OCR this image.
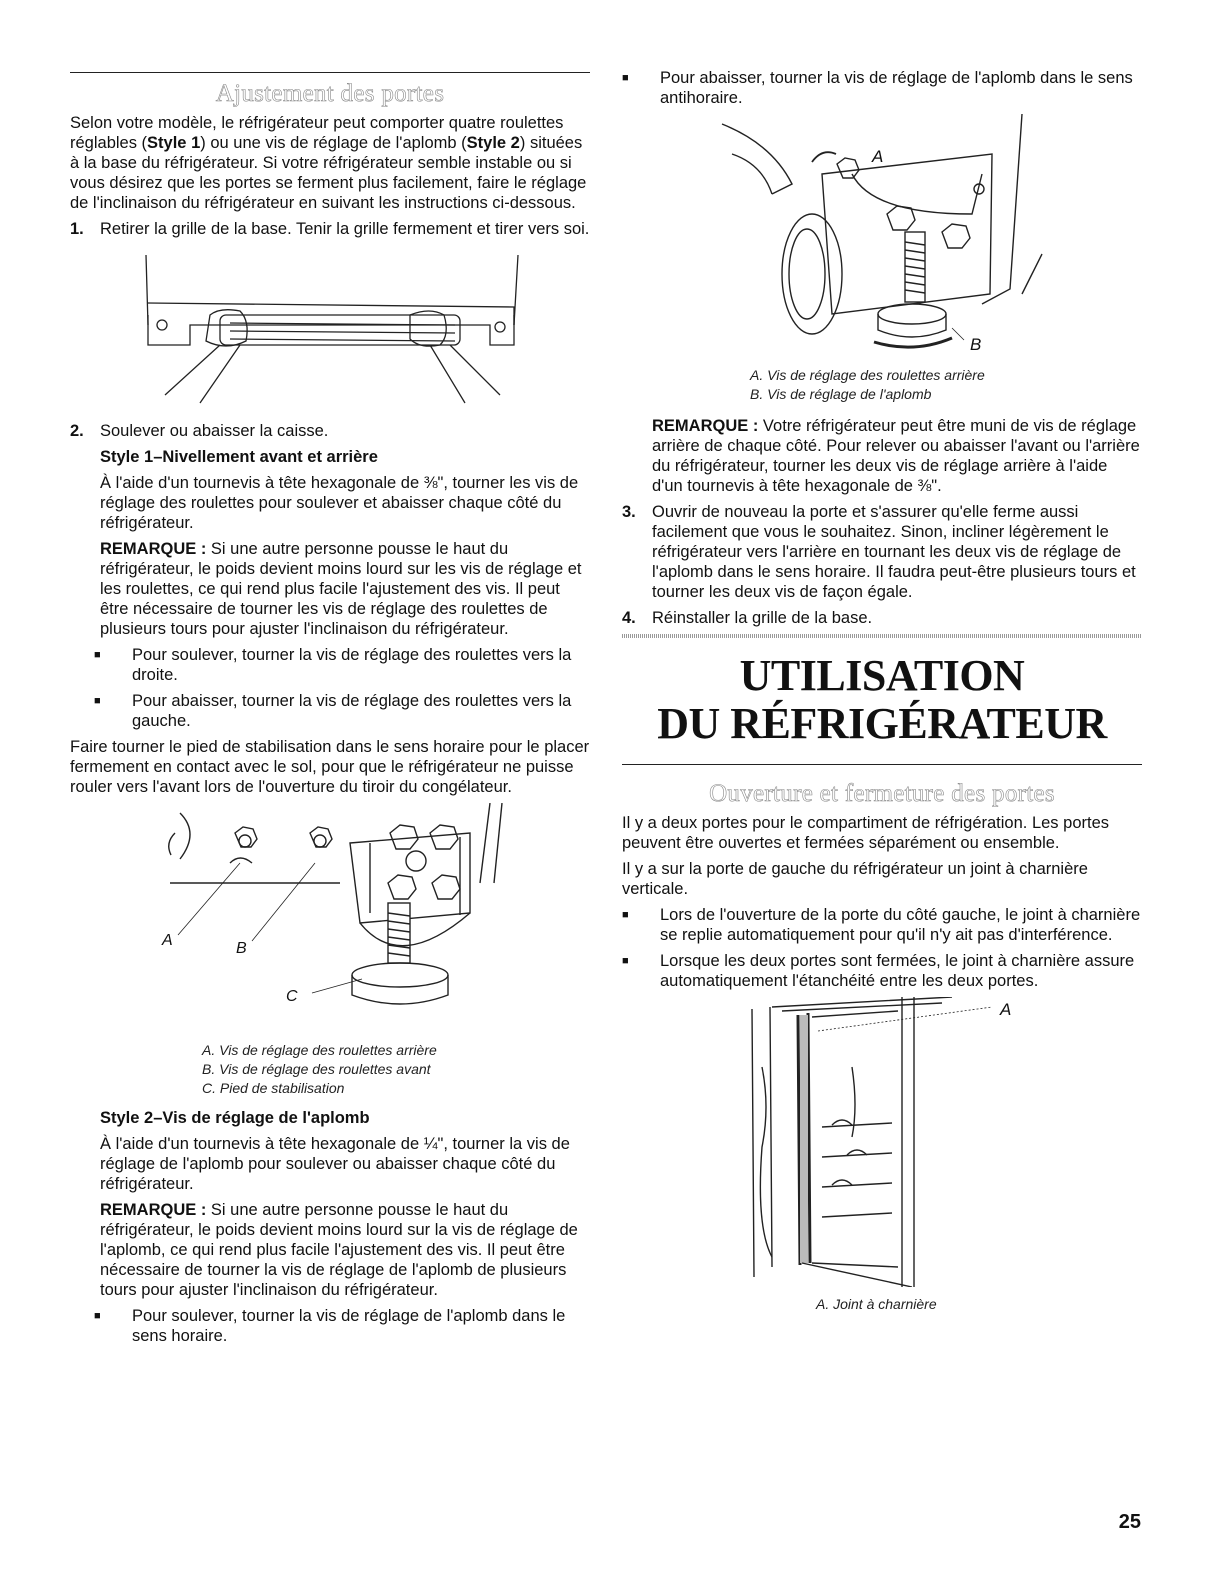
Ajustement des portes

Selon votre modèle, le réfrigérateur peut comporter quatre roulettes réglables (Style 1) ou une vis de réglage de l'aplomb (Style 2) situées à la base du réfrigérateur. Si votre réfrigérateur semble instable ou si vous désirez que les portes se ferment plus facilement, faire le réglage de l'inclinaison du réfrigérateur en suivant les instructions ci-dessous.

1. Retirer la grille de la base. Tenir la grille fermement et tirer vers soi.
2. Soulever ou abaisser la caisse.
Style 1–Nivellement avant et arrière

À l'aide d'un tournevis à tête hexagonale de ⅜", tourner les vis de réglage des roulettes pour soulever et abaisser chaque côté du réfrigérateur.

REMARQUE : Si une autre personne pousse le haut du réfrigérateur, le poids devient moins lourd sur les vis de réglage et les roulettes, ce qui rend plus facile l'ajustement des vis. Il peut être nécessaire de tourner les vis de réglage des roulettes de plusieurs tours pour ajuster l'inclinaison du réfrigérateur.

■	Pour soulever, tourner la vis de réglage des roulettes vers la droite.
■	Pour abaisser, tourner la vis de réglage des roulettes vers la gauche.

Faire tourner le pied de stabilisation dans le sens horaire pour le placer fermement en contact avec le sol, pour que le réfrigérateur ne puisse rouler vers l'avant lors de l'ouverture du tiroir du congélateur.

A	B
C
A. Vis de réglage des roulettes arrière
B. Vis de réglage des roulettes avant
C. Pied de stabilisation
Style 2–Vis de réglage de l'aplomb

À l'aide d'un tournevis à tête hexagonale de ¼", tourner la vis de réglage de l'aplomb pour soulever ou abaisser chaque côté du réfrigérateur.

REMARQUE : Si une autre personne pousse le haut du réfrigérateur, le poids devient moins lourd sur la vis de réglage de l'aplomb, ce qui rend plus facile l'ajustement des vis. Il peut être nécessaire de tourner la vis de réglage de l'aplomb de plusieurs tours pour ajuster l'inclinaison du réfrigérateur.

■	Pour soulever, tourner la vis de réglage de l'aplomb dans le sens horaire.
■	Pour abaisser, tourner la vis de réglage de l'aplomb dans le sens antihoraire.
A
B
A. Vis de réglage des roulettes arrière
B. Vis de réglage de l'aplomb

REMARQUE : Votre réfrigérateur peut être muni de vis de réglage arrière de chaque côté. Pour relever ou abaisser l'avant ou l'arrière du réfrigérateur, tourner les deux vis de réglage arrière à l'aide d'un tournevis à tête hexagonale de ⅜".

3. Ouvrir de nouveau la porte et s'assurer qu'elle ferme aussi facilement que vous le souhaitez. Sinon, incliner légèrement le réfrigérateur vers l'arrière en tournant les deux vis de réglage de l'aplomb dans le sens horaire. Il faudra peut-être plusieurs tours et tourner les deux vis de façon égale.
4. Réinstaller la grille de la base.
UTILISATION
DU RÉFRIGÉRATEUR
Ouverture et fermeture des portes

Il y a deux portes pour le compartiment de réfrigération. Les portes peuvent être ouvertes et fermées séparément ou ensemble.

Il y a sur la porte de gauche du réfrigérateur un joint à charnière verticale.

■	Lors de l'ouverture de la porte du côté gauche, le joint à charnière se replie automatiquement pour qu'il n'y ait pas d'interférence.
■	Lorsque les deux portes sont fermées, le joint à charnière assure automatiquement l'étanchéité entre les deux portes.
A
A. Joint à charnière
25
